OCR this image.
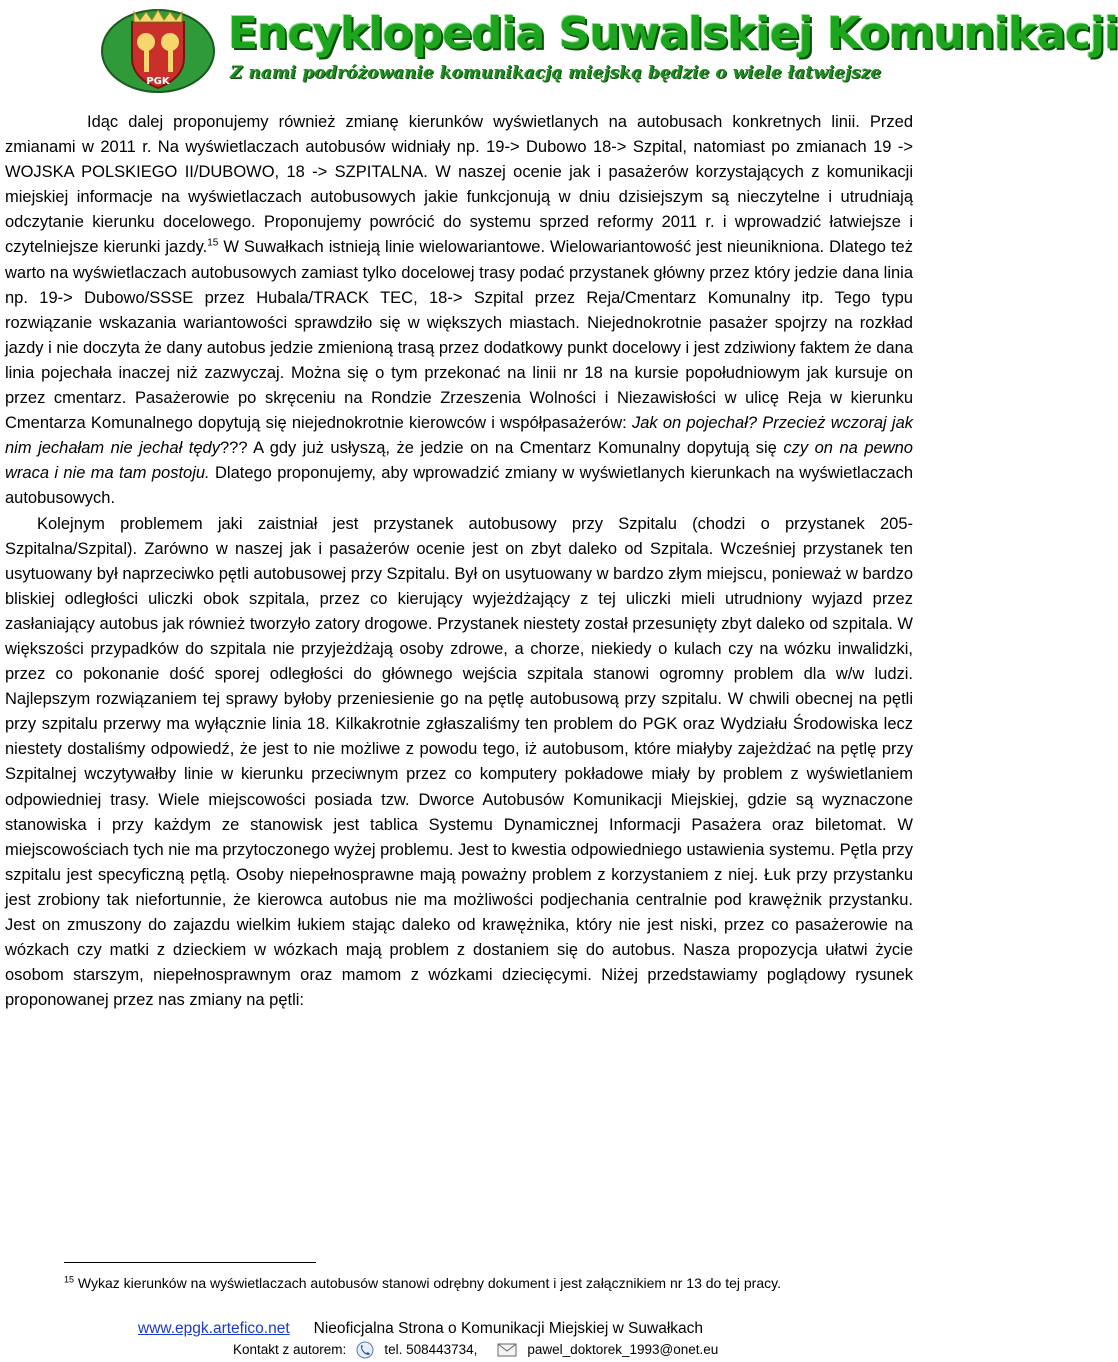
PGK
Encyklopedia Suwalskiej Komunikacji
Z nami podróżowanie komunikacją miejską będzie o wiele łatwiejsze

Idąc dalej proponujemy również zmianę kierunków wyświetlanych na autobusach konkretnych linii. Przed zmianami w 2011 r. Na wyświetlaczach autobusów widniały np. 19-> Dubowo 18-> Szpital, natomiast po zmianach 19 -> WOJSKA POLSKIEGO II/DUBOWO, 18 -> SZPITALNA. W naszej ocenie jak i pasażerów korzystających z komunikacji miejskiej informacje na wyświetlaczach autobusowych jakie funkcjonują w dniu dzisiejszym są nieczytelne i utrudniają odczytanie kierunku docelowego. Proponujemy powrócić do systemu sprzed reformy 2011 r. i wprowadzić łatwiejsze i czytelniejsze kierunki jazdy.$^{15}$ W Suwałkach istnieją linie wielowariantowe. Wielowariantowość jest nieunikniona. Dlatego też warto na wyświetlaczach autobusowych zamiast tylko docelowej trasy podać przystanek główny przez który jedzie dana linia np. 19-> Dubowo/SSSE przez Hubala/TRACK TEC, 18-> Szpital przez Reja/Cmentarz Komunalny itp. Tego typu rozwiązanie wskazania wariantowości sprawdziło się w większych miastach. Niejednokrotnie pasażer spojrzy na rozkład jazdy i nie doczyta że dany autobus jedzie zmienioną trasą przez dodatkowy punkt docelowy i jest zdziwiony faktem że dana linia pojechała inaczej niż zazwyczaj. Można się o tym przekonać na linii nr 18 na kursie popołudniowym jak kursuje on przez cmentarz. Pasażerowie po skręceniu na Rondzie Zrzeszenia Wolności i Niezawisłości w ulicę Reja w kierunku Cmentarza Komunalnego dopytują się niejednokrotnie kierowców i współpasażerów: Jak on pojechał? Przecież wczoraj jak nim jechałam nie jechał tędy??? A gdy już usłyszą, że jedzie on na Cmentarz Komunalny dopytują się czy on na pewno wraca i nie ma tam postoju. Dlatego proponujemy, aby wprowadzić zmiany w wyświetlanych kierunkach na wyświetlaczach autobusowych.

Kolejnym problemem jaki zaistniał jest przystanek autobusowy przy Szpitalu (chodzi o przystanek 205- Szpitalna/Szpital). Zarówno w naszej jak i pasażerów ocenie jest on zbyt daleko od Szpitala. Wcześniej przystanek ten usytuowany był naprzeciwko pętli autobusowej przy Szpitalu. Był on usytuowany w bardzo złym miejscu, ponieważ w bardzo bliskiej odległości uliczki obok szpitala, przez co kierujący wyjeżdżający z tej uliczki mieli utrudniony wyjazd przez zasłaniający autobus jak również tworzyło zatory drogowe. Przystanek niestety został przesunięty zbyt daleko od szpitala. W większości przypadków do szpitala nie przyjeżdżają osoby zdrowe, a chorze, niekiedy o kulach czy na wózku inwalidzki, przez co pokonanie dość sporej odległości do głównego wejścia szpitala stanowi ogromny problem dla w/w ludzi. Najlepszym rozwiązaniem tej sprawy byłoby przeniesienie go na pętlę autobusową przy szpitalu. W chwili obecnej na pętli przy szpitalu przerwy ma wyłącznie linia 18. Kilkakrotnie zgłaszaliśmy ten problem do PGK oraz Wydziału Środowiska lecz niestety dostaliśmy odpowiedź, że jest to nie możliwe z powodu tego, iż autobusom, które miałyby zajeżdżać na pętlę przy Szpitalnej wczytywałby linie w kierunku przeciwnym przez co komputery pokładowe miały by problem z wyświetlaniem odpowiedniej trasy. Wiele miejscowości posiada tzw. Dworce Autobusów Komunikacji Miejskiej, gdzie są wyznaczone stanowiska i przy każdym ze stanowisk jest tablica Systemu Dynamicznej Informacji Pasażera oraz biletomat. W miejscowościach tych nie ma przytoczonego wyżej problemu. Jest to kwestia odpowiedniego ustawienia systemu. Pętla przy szpitalu jest specyficzną pętlą. Osoby niepełnosprawne mają poważny problem z korzystaniem z niej. Łuk przy przystanku jest zrobiony tak niefortunnie, że kierowca autobus nie ma możliwości podjechania centralnie pod krawężnik przystanku. Jest on zmuszony do zajazdu wielkim łukiem stając daleko od krawężnika, który nie jest niski, przez co pasażerowie na wózkach czy matki z dzieckiem w wózkach mają problem z dostaniem się do autobus. Nasza propozycja ułatwi życie osobom starszym, niepełnosprawnym oraz mamom z wózkami dziecięcymi. Niżej przedstawiamy poglądowy rysunek proponowanej przez nas zmiany na pętli:

$^{15}$ Wykaz kierunków na wyświetlaczach autobusów stanowi odrębny dokument i jest załącznikiem nr 13 do tej pracy.
www.epgk.artefico.net Nieoficjalna Strona o Komunikacji Miejskiej w Suwałkach
Kontakt z autorem:	tel. 508443734,	pawel_doktorek_1993@onet.eu
